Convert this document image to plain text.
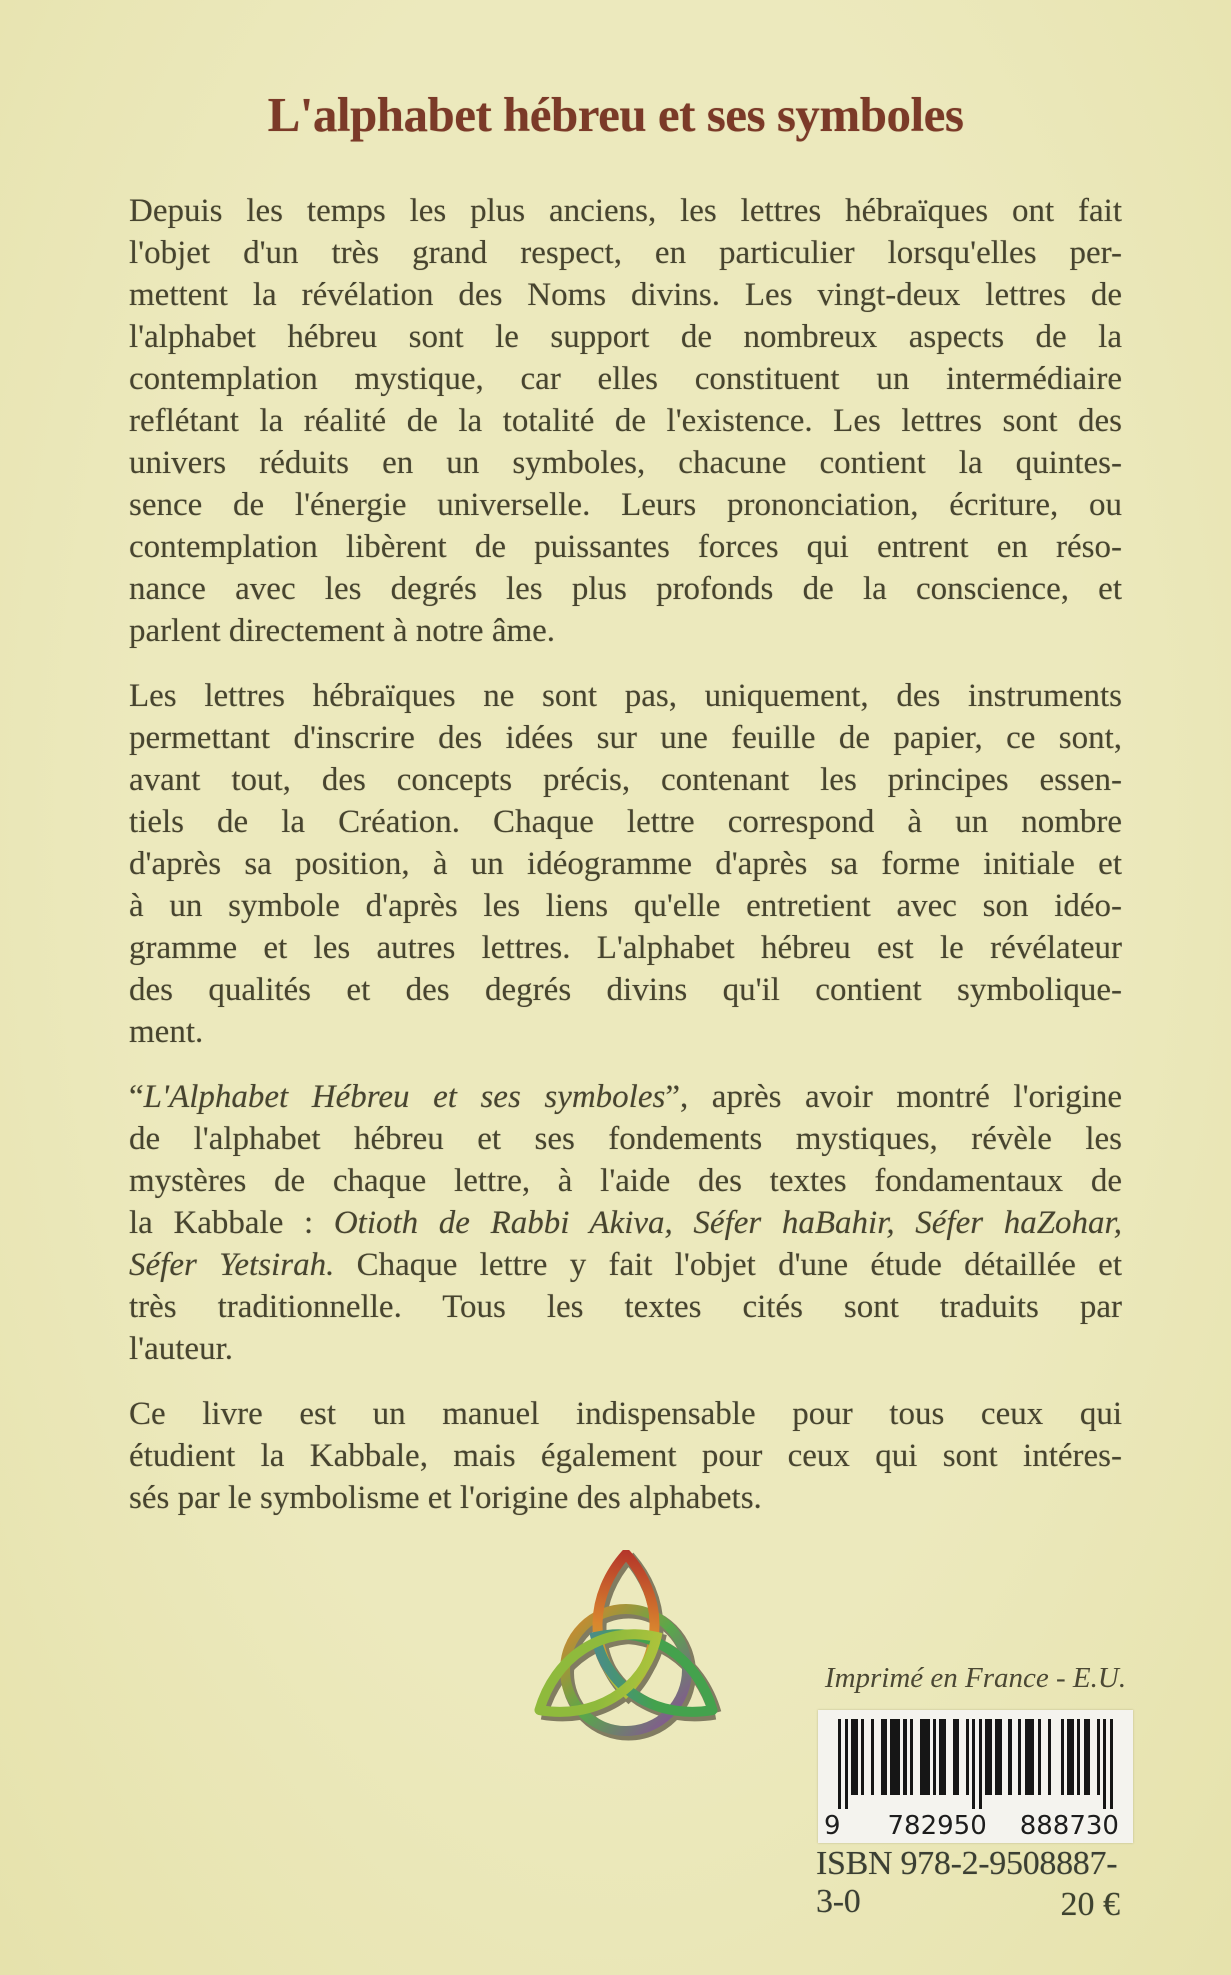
L'alphabet hébreu et ses symboles
Depuis les temps les plus anciens, les lettres hébraïques ont fait
l'objet d'un très grand respect, en particulier lorsqu'elles per-
mettent la révélation des Noms divins. Les vingt-deux lettres de
l'alphabet hébreu sont le support de nombreux aspects de la
contemplation mystique, car elles constituent un intermédiaire
reflétant la réalité de la totalité de l'existence. Les lettres sont des
univers réduits en un symboles, chacune contient la quintes-
sence de l'énergie universelle. Leurs prononciation, écriture, ou
contemplation libèrent de puissantes forces qui entrent en réso-
nance avec les degrés les plus profonds de la conscience, et
parlent directement à notre âme.
Les lettres hébraïques ne sont pas, uniquement, des instruments
permettant d'inscrire des idées sur une feuille de papier, ce sont,
avant tout, des concepts précis, contenant les principes essen-
tiels de la Création. Chaque lettre correspond à un nombre
d'après sa position, à un idéogramme d'après sa forme initiale et
à un symbole d'après les liens qu'elle entretient avec son idéo-
gramme et les autres lettres. L'alphabet hébreu est le révélateur
des qualités et des degrés divins qu'il contient symbolique-
ment.
“L'Alphabet Hébreu et ses symboles”, après avoir montré l'origine
de l'alphabet hébreu et ses fondements mystiques, révèle les
mystères de chaque lettre, à l'aide des textes fondamentaux de
la Kabbale : Otioth de Rabbi Akiva, Séfer haBahir, Séfer haZohar,
Séfer Yetsirah. Chaque lettre y fait l'objet d'une étude détaillée et
très traditionnelle. Tous les textes cités sont traduits par
l'auteur.
Ce livre est un manuel indispensable pour tous ceux qui
étudient la Kabbale, mais également pour ceux qui sont intéres-
sés par le symbolisme et l'origine des alphabets.
Imprimé en France - E.U.
9 782950 888730
ISBN 978-2-9508887-3-0	20 €
